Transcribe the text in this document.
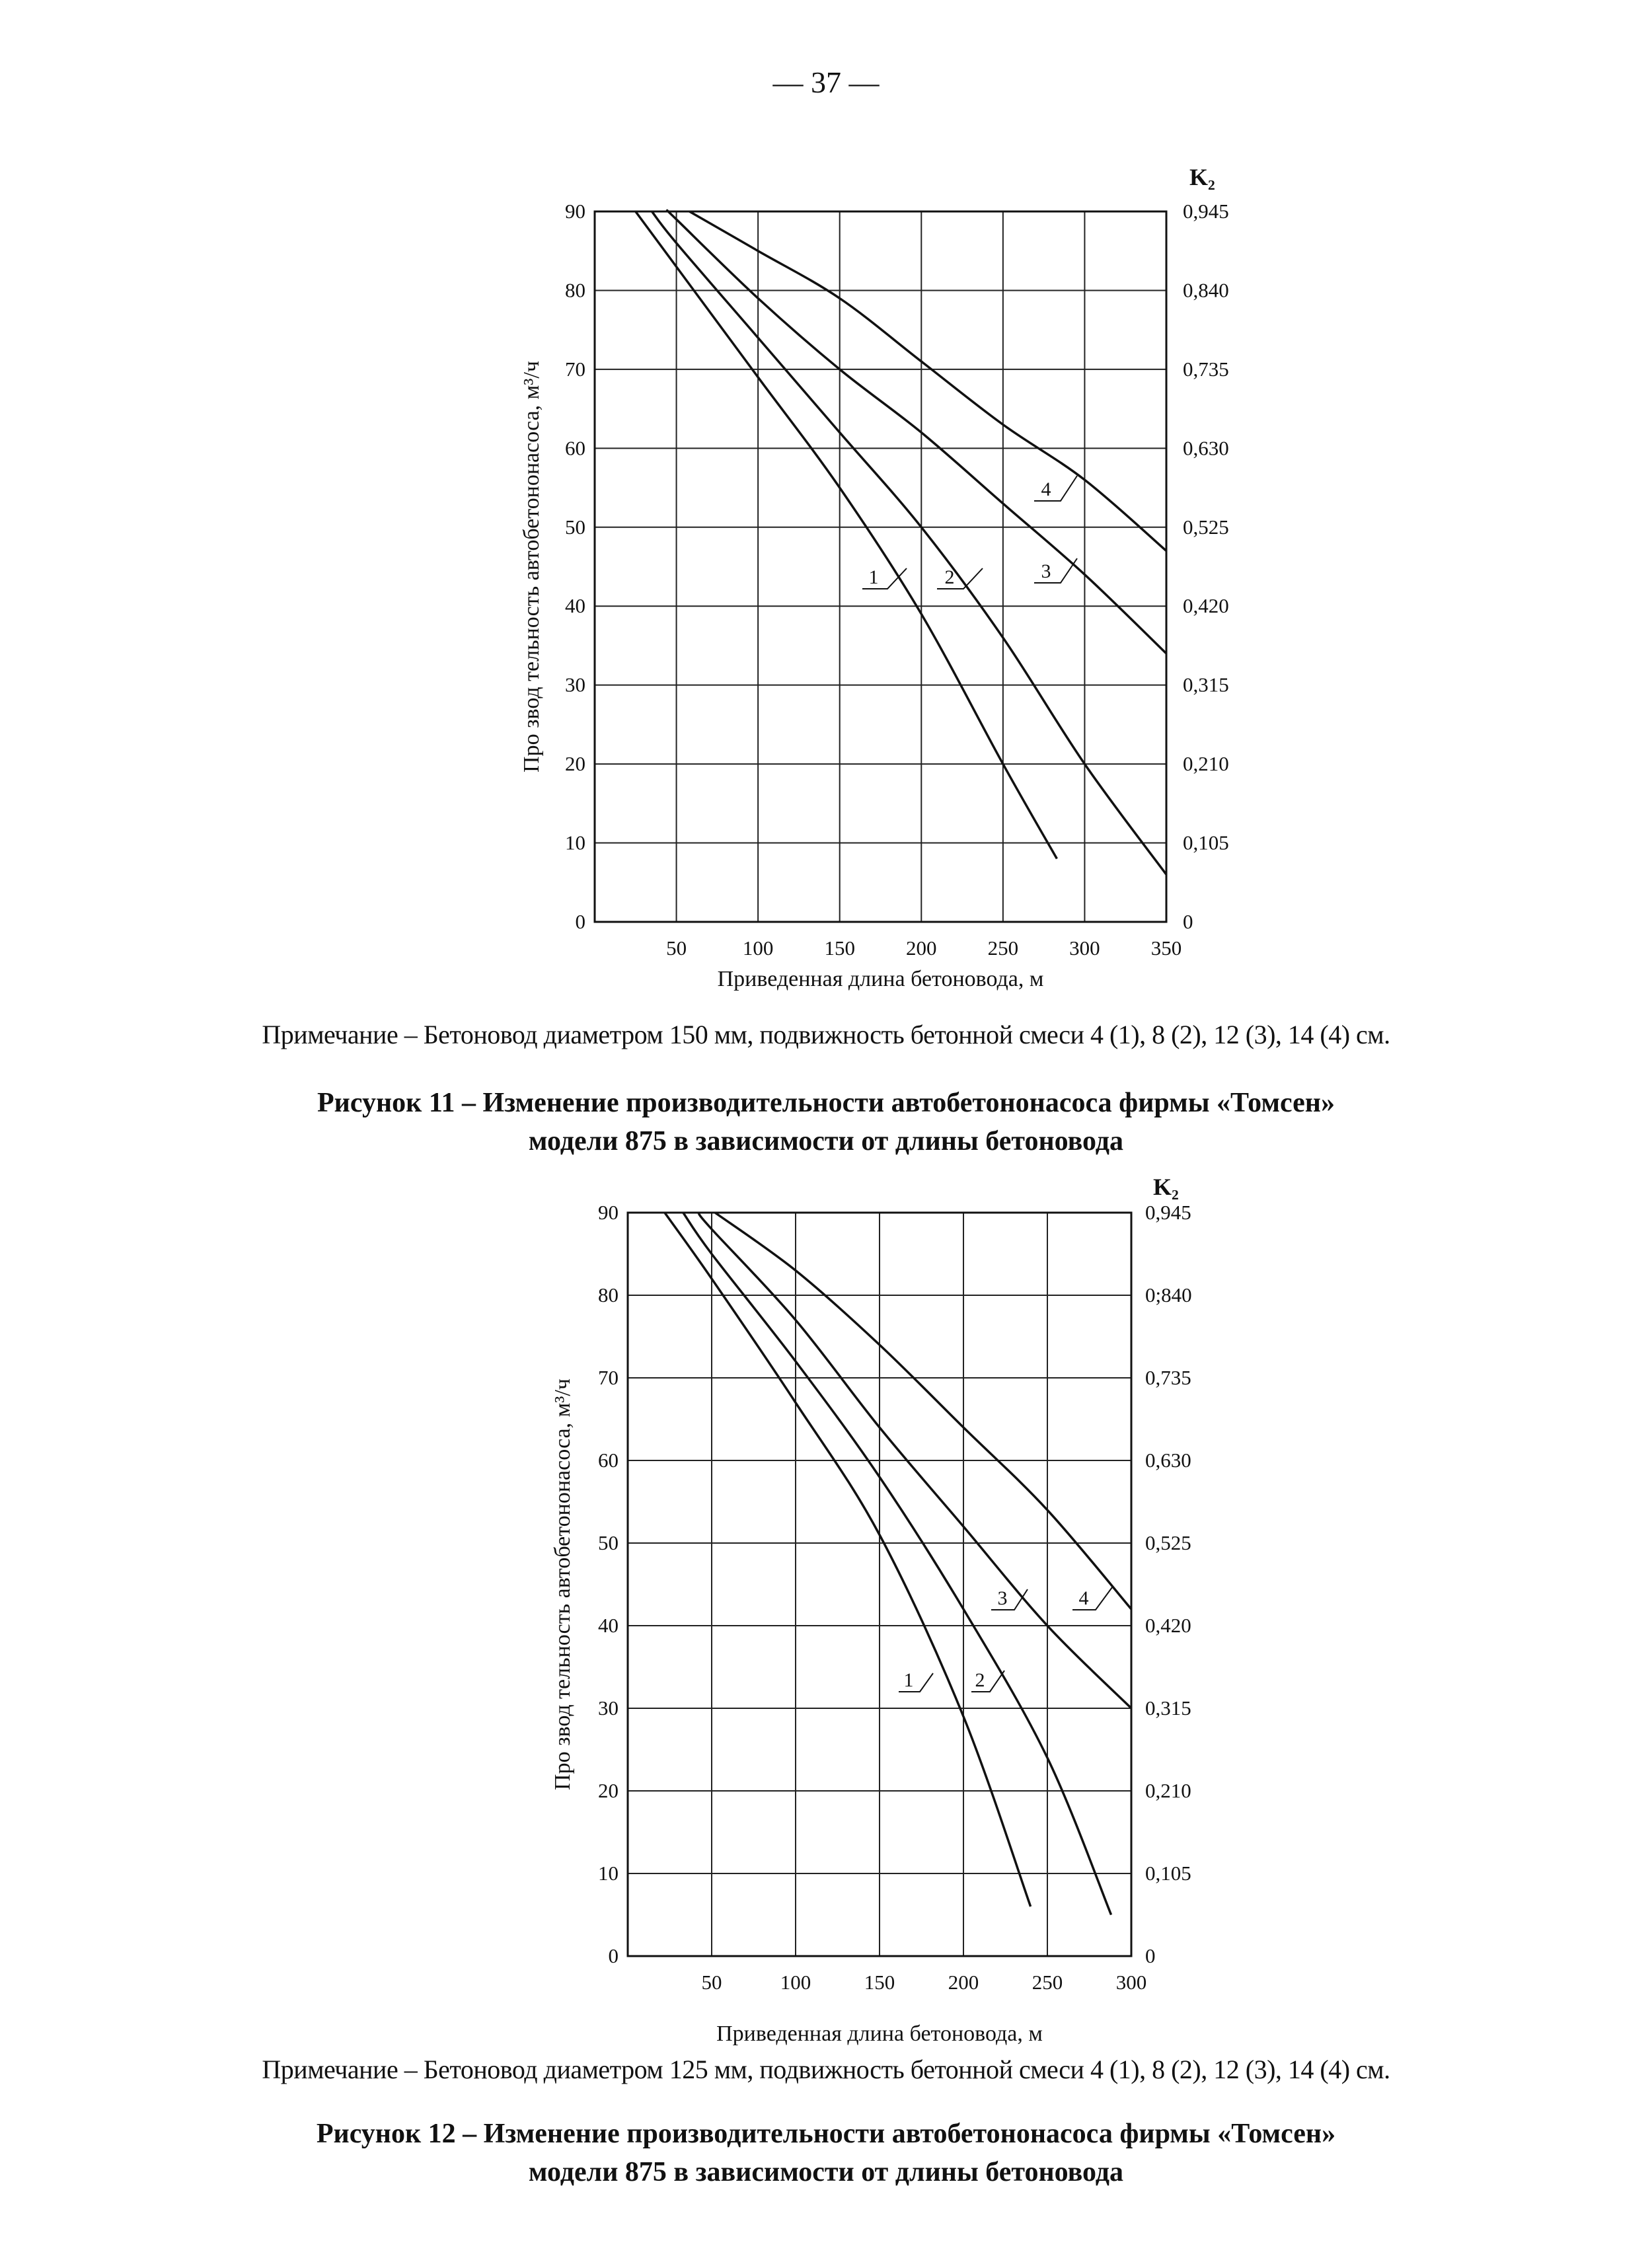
— 37 —
50	100 150 200 250 300 350
0
10
20
30
40
50
60
70
80
90
0
0,105
0,210
0,315
0,420
0,525
0,630
0,735
0,840
0,945
K₂
Приведенная длина бетоновода, м
Про звод тельность автобетононасоса, м³/ч	1	2	3
4
Примечание – Бетоновод диаметром 150 мм, подвижность бетонной смеси 4 (1), 8 (2), 12 (3), 14 (4) см.
Рисунок 11 – Изменение производительности автобетононасоса фирмы «Томсен»
модели 875 в зависимости от длины бетоновода
50	100	150	200	250	300
0
10
20
30
40
50
60
70
80
90
0
0,105
0,210
0,315
0,420
0,525
0,630
0,735
0;840
0,945
K₂
Приведенная длина бетоновода, м
Про звод тельность автобетононасоса, м³/ч	1	2
3	4
Примечание – Бетоновод диаметром 125 мм, подвижность бетонной смеси 4 (1), 8 (2), 12 (3), 14 (4) см.
Рисунок 12 – Изменение производительности автобетононасоса фирмы «Томсен»
модели 875 в зависимости от длины бетоновода
